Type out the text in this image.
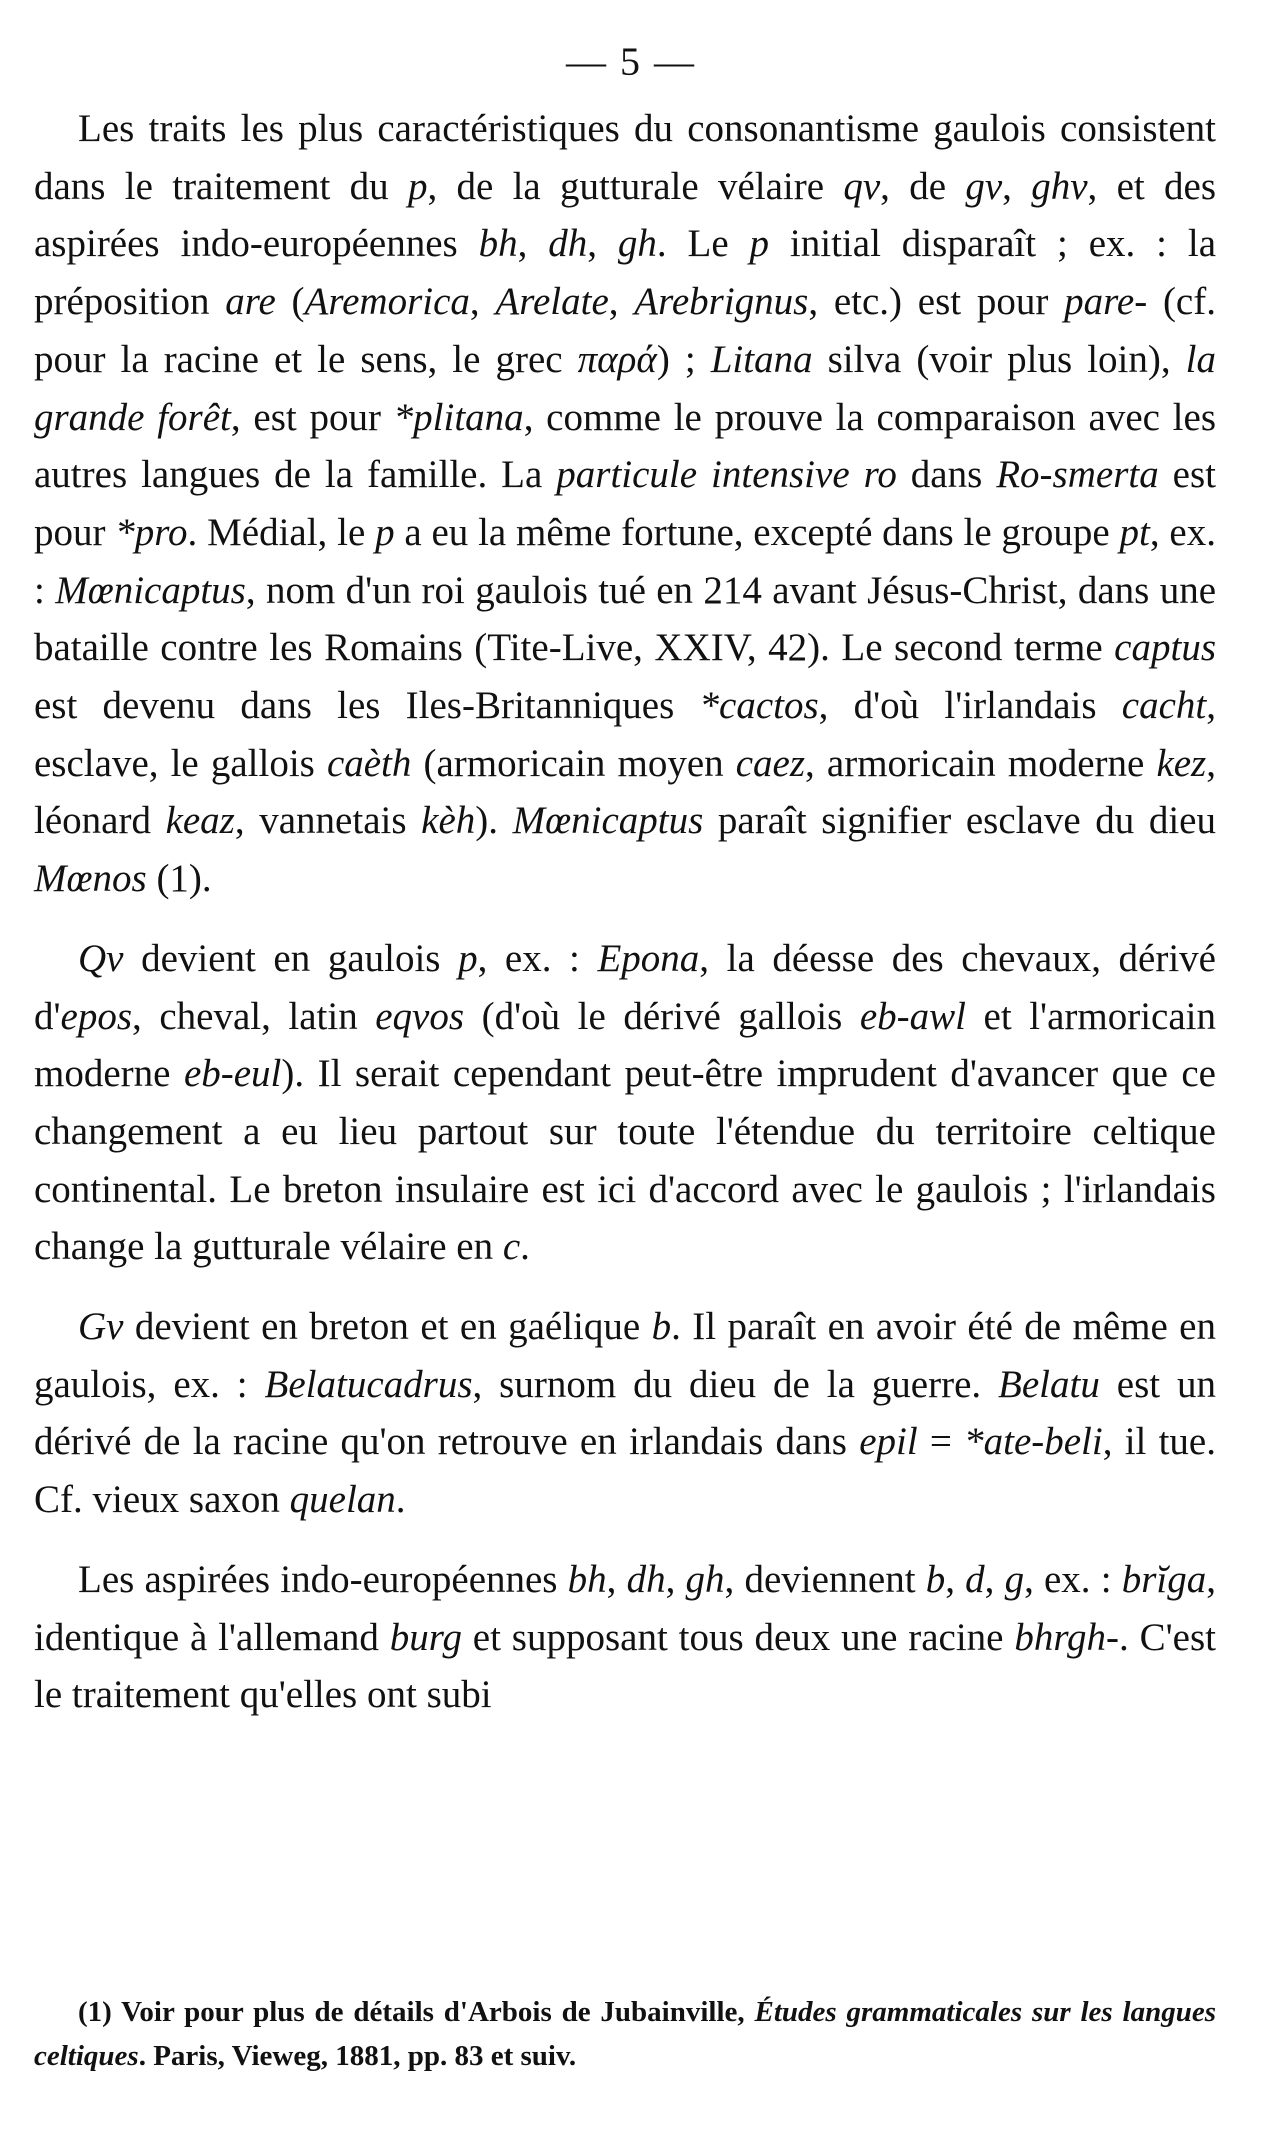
— 5 —

Les traits les plus caractéristiques du consonantisme gaulois consistent dans le traitement du p, de la gutturale vélaire qv, de gv, ghv, et des aspirées indo-européennes bh, dh, gh. Le p initial disparaît ; ex. : la préposition are (Aremorica, Arelate, Arebrignus, etc.) est pour pare- (cf. pour la racine et le sens, le grec παρά) ; Litana silva (voir plus loin), la grande forêt, est pour *plitana, comme le prouve la comparaison avec les autres langues de la famille. La particule intensive ro dans Ro-smerta est pour *pro. Médial, le p a eu la même fortune, excepté dans le groupe pt, ex. : Mœnicaptus, nom d'un roi gaulois tué en 214 avant Jésus-Christ, dans une bataille contre les Romains (Tite-Live, XXIV, 42). Le second terme captus est devenu dans les Iles-Britanniques *cactos, d'où l'irlandais cacht, esclave, le gallois caèth (armoricain moyen caez, armoricain moderne kez, léonard keaz, vannetais kèh). Mœnicaptus paraît signifier esclave du dieu Mœnos (1).

Qv devient en gaulois p, ex. : Epona, la déesse des chevaux, dérivé d'epos, cheval, latin eqvos (d'où le dérivé gallois eb-awl et l'armoricain moderne eb-eul). Il serait cependant peut-être imprudent d'avancer que ce changement a eu lieu partout sur toute l'étendue du territoire celtique continental. Le breton insulaire est ici d'accord avec le gaulois ; l'irlandais change la gutturale vélaire en c.

Gv devient en breton et en gaélique b. Il paraît en avoir été de même en gaulois, ex. : Belatucadrus, surnom du dieu de la guerre. Belatu est un dérivé de la racine qu'on retrouve en irlandais dans epil = *ate-beli, il tue. Cf. vieux saxon quelan.

Les aspirées indo-européennes bh, dh, gh, deviennent b, d, g, ex. : brĭga, identique à l'allemand burg et supposant tous deux une racine bhrgh-. C'est le traitement qu'elles ont subi

(1) Voir pour plus de détails d'Arbois de Jubainville, Études grammaticales sur les langues celtiques. Paris, Vieweg, 1881, pp. 83 et suiv.
